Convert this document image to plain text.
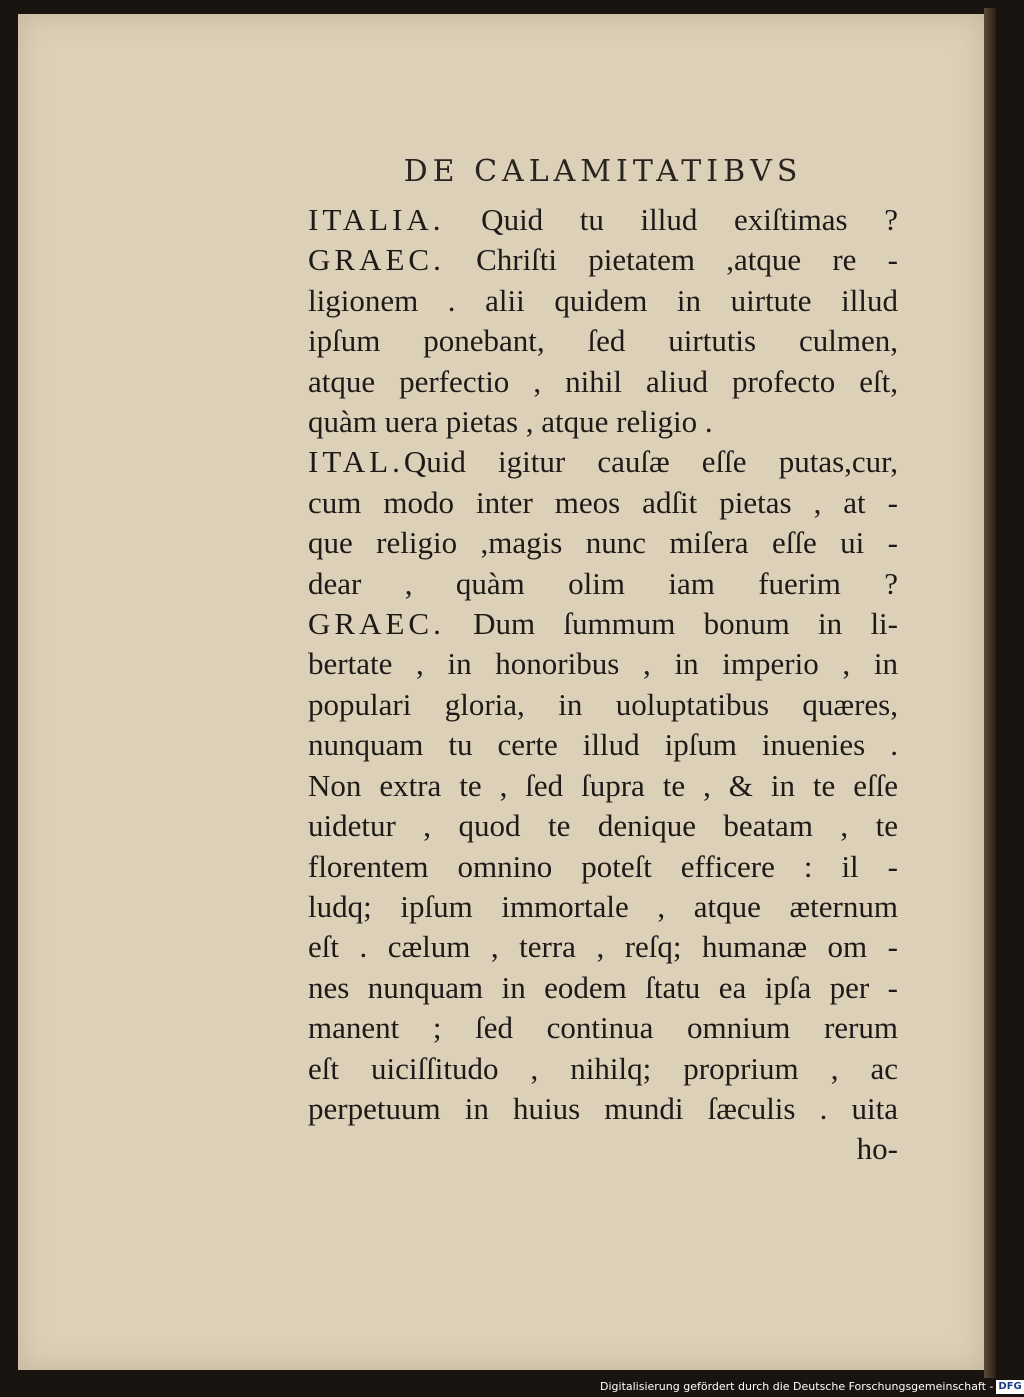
DE CALAMITATIBVS
ITALIA. Quid tu illud exiſtimas ?
GRAEC. Chriſti pietatem ,atque re -
ligionem . alii quidem in uirtute illud
ipſum ponebant, ſed uirtutis culmen,
atque perfectio , nihil aliud profecto eſt,
quàm uera pietas , atque religio .
ITAL.Quid igitur cauſæ eſſe putas,cur,
cum modo inter meos adſit pietas , at -
que religio ,magis nunc miſera eſſe ui -
dear , quàm olim iam fuerim ?
GRAEC. Dum ſummum bonum in li-
bertate , in honoribus , in imperio , in
populari gloria, in uoluptatibus quæres,
nunquam tu certe illud ipſum inuenies .
Non extra te , ſed ſupra te , & in te eſſe
uidetur , quod te denique beatam , te
florentem omnino poteſt efficere : il -
ludq; ipſum immortale , atque æternum
eſt . cælum , terra , reſq; humanæ om -
nes nunquam in eodem ſtatu ea ipſa per -
manent ; ſed continua omnium rerum
eſt uiciſſitudo , nihilq; proprium , ac
perpetuum in huius mundi ſæculis . uita
ho-
Digitalisierung gefördert durch die Deutsche Forschungsgemeinschaft - DFG
